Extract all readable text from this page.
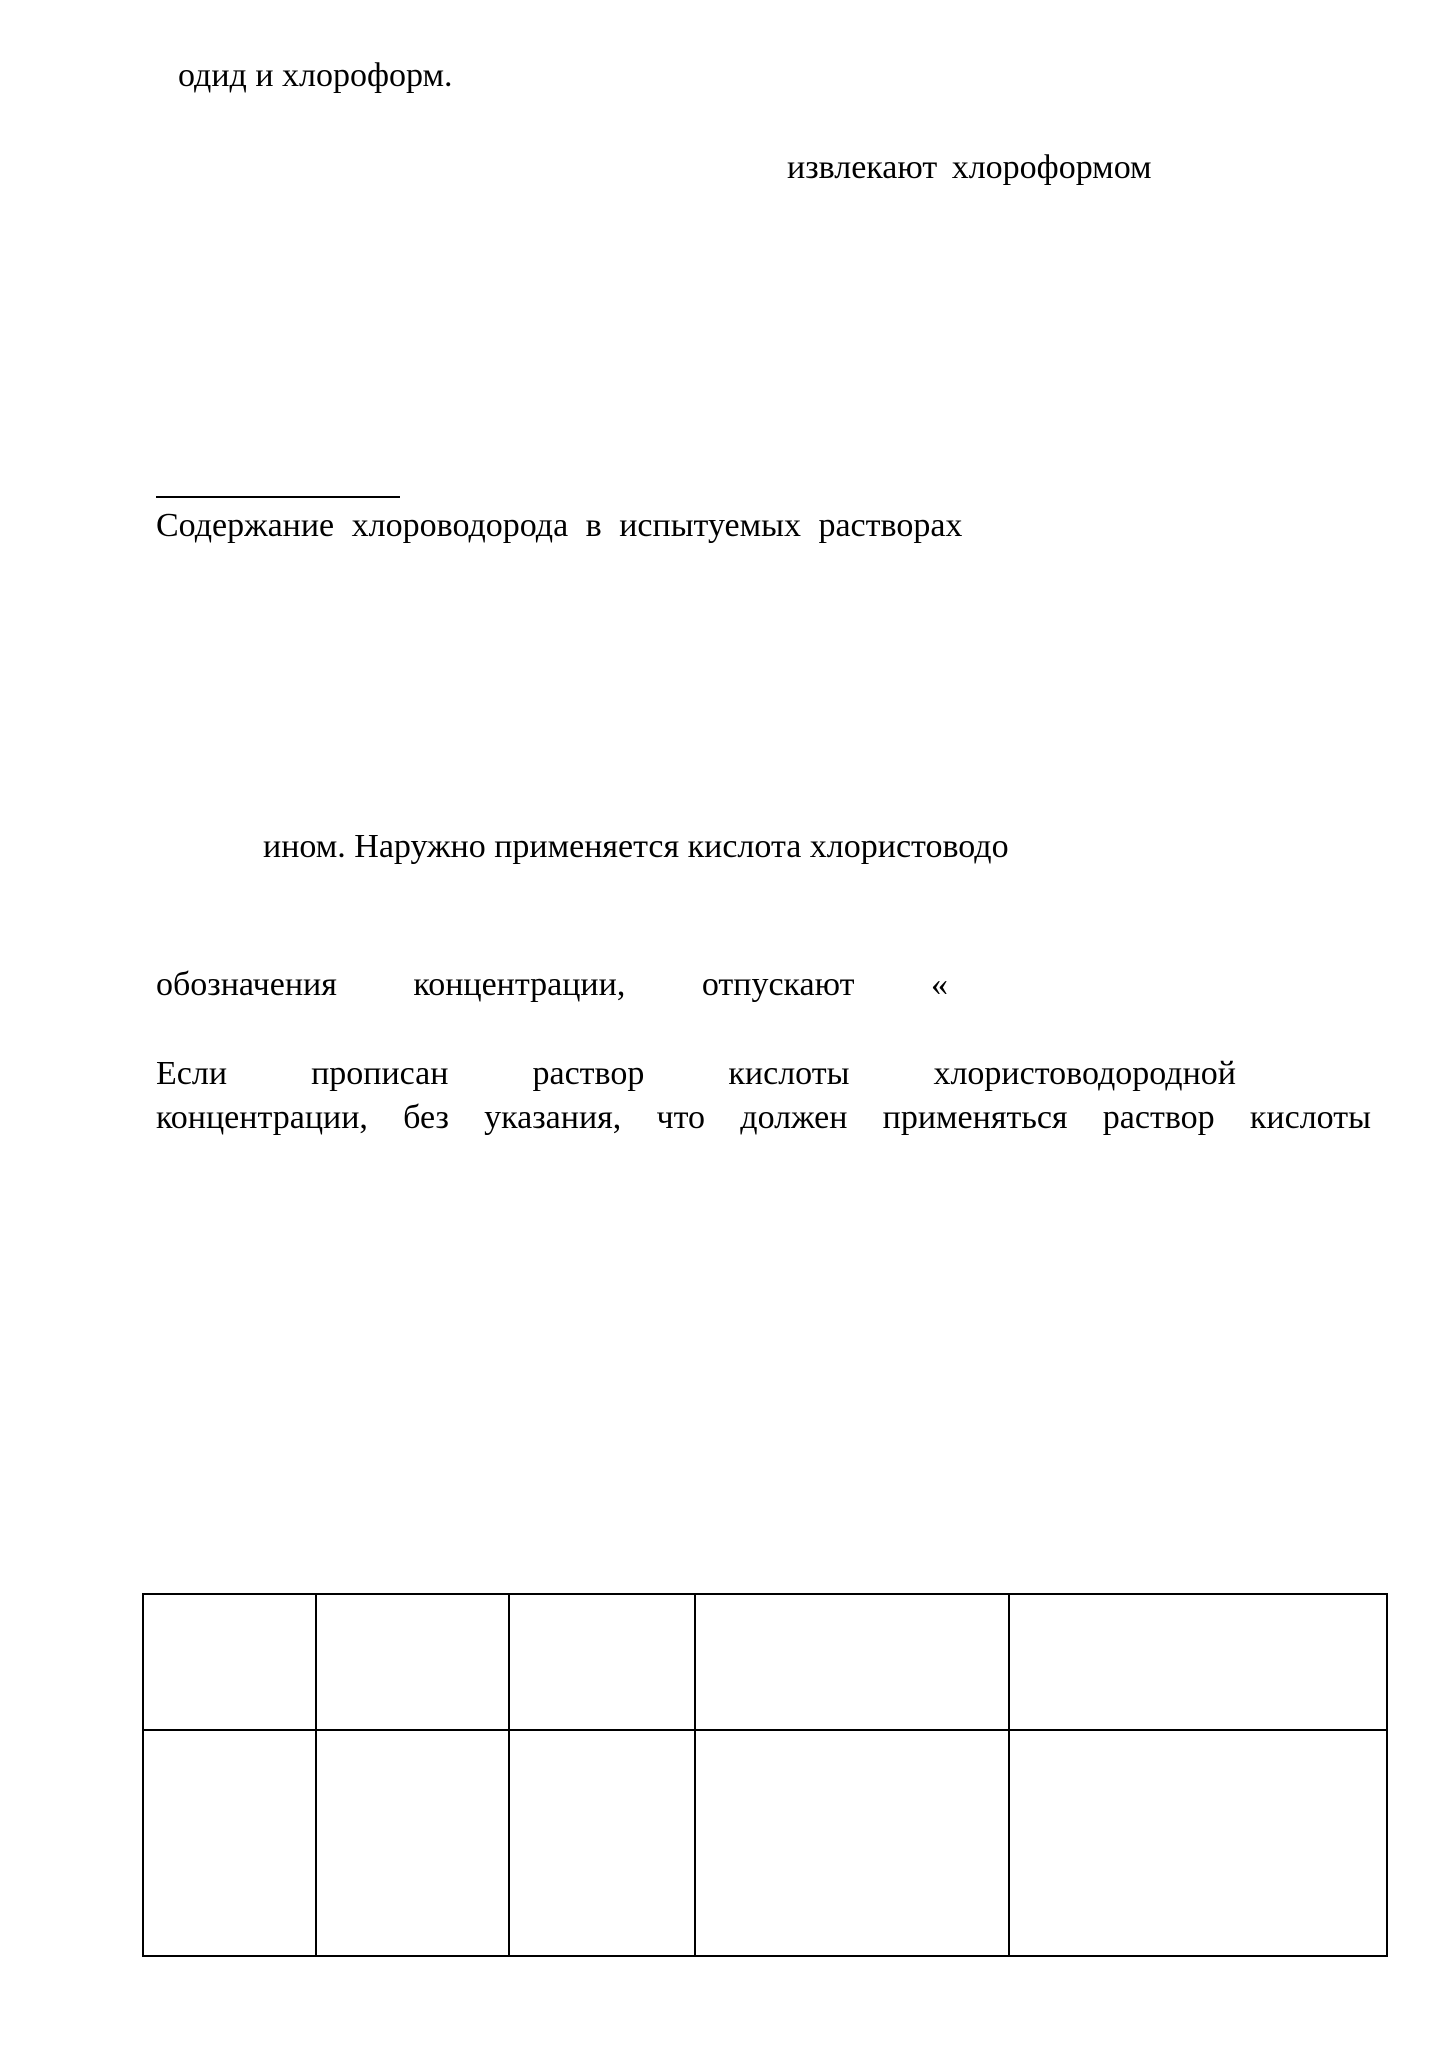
одид и хлороформ.
извлекают хлороформом
Содержание хлороводорода в испытуемых растворах
ином. Наружно применяется кислота хлористоводо
обозначения концентрации, отпускают «
Если прописан раствор кислоты хлористоводородной
концентрации, без указания, что должен применяться раствор кислоты
